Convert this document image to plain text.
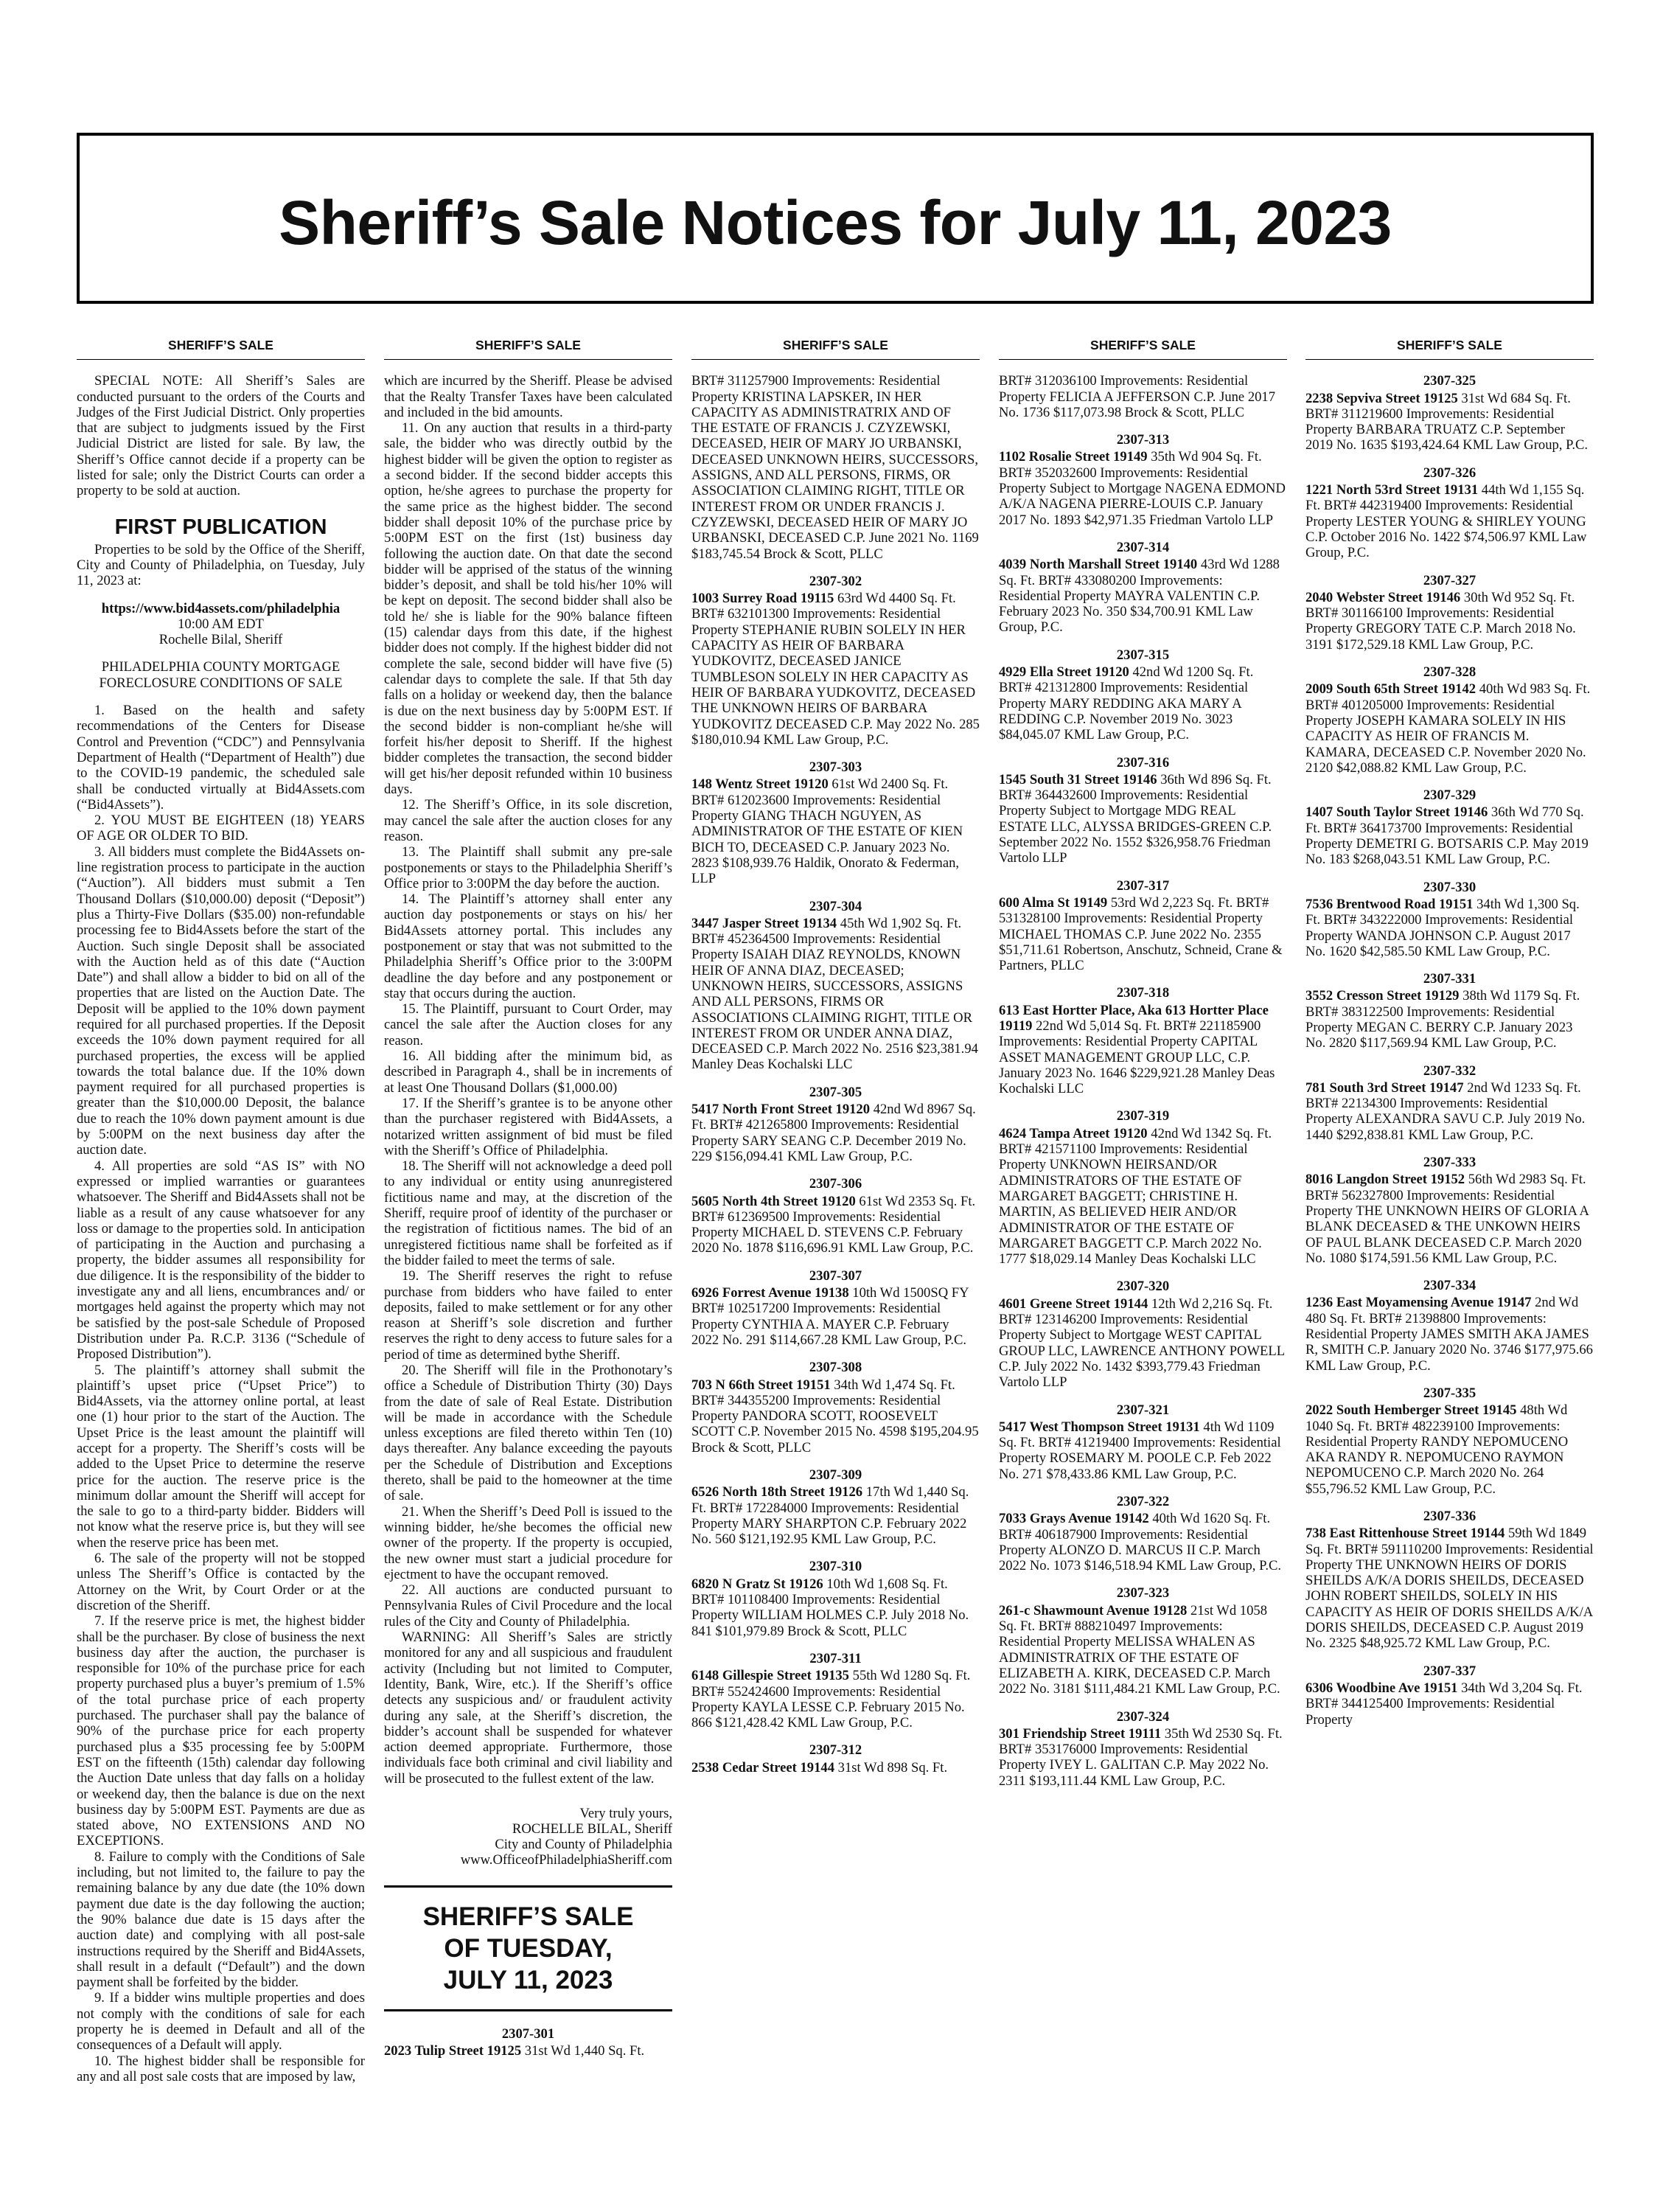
Sheriff’s Sale Notices for July 11, 2023
SHERIFF’S SALE

SPECIAL NOTE: All Sheriff’s Sales are conducted pursuant to the orders of the Courts and Judges of the First Judicial District. Only properties that are subject to judgments issued by the First Judicial District are listed for sale. By law, the Sheriff’s Office cannot decide if a property can be listed for sale; only the District Courts can order a property to be sold at auction.

FIRST PUBLICATION

Properties to be sold by the Office of the Sheriff, City and County of Philadelphia, on Tuesday, July 11, 2023 at:

https://www.bid4assets.com/philadelphia

10:00 AM EDT

Rochelle Bilal, Sheriff

PHILADELPHIA COUNTY MORTGAGE

FORECLOSURE CONDITIONS OF SALE

1. Based on the health and safety recommendations of the Centers for Disease Control and Prevention (“CDC”) and Pennsylvania Department of Health (“Department of Health”) due to the COVID-19 pandemic, the scheduled sale shall be conducted virtually at Bid4Assets.com (“Bid4Assets”).

2. YOU MUST BE EIGHTEEN (18) YEARS OF AGE OR OLDER TO BID.

3. All bidders must complete the Bid4Assets on-line registration process to participate in the auction (“Auction”). All bidders must submit a Ten Thousand Dollars ($10,000.00) deposit (“Deposit”) plus a Thirty-Five Dollars ($35.00) non-refundable processing fee to Bid4Assets before the start of the Auction. Such single Deposit shall be associated with the Auction held as of this date (“Auction Date”) and shall allow a bidder to bid on all of the properties that are listed on the Auction Date. The Deposit will be applied to the 10% down payment required for all purchased properties. If the Deposit exceeds the 10% down payment required for all purchased properties, the excess will be applied towards the total balance due. If the 10% down payment required for all purchased properties is greater than the $10,000.00 Deposit, the balance due to reach the 10% down payment amount is due by 5:00PM on the next business day after the auction date.

4. All properties are sold “AS IS” with NO expressed or implied warranties or guarantees whatsoever. The Sheriff and Bid4Assets shall not be liable as a result of any cause whatsoever for any loss or damage to the properties sold. In anticipation of participating in the Auction and purchasing a property, the bidder assumes all responsibility for due diligence. It is the responsibility of the bidder to investigate any and all liens, encumbrances and/ or mortgages held against the property which may not be satisfied by the post-sale Schedule of Proposed Distribution under Pa. R.C.P. 3136 (“Schedule of Proposed Distribution”).

5. The plaintiff’s attorney shall submit the plaintiff’s upset price (“Upset Price”) to Bid4Assets, via the attorney online portal, at least one (1) hour prior to the start of the Auction. The Upset Price is the least amount the plaintiff will accept for a property. The Sheriff’s costs will be added to the Upset Price to determine the reserve price for the auction. The reserve price is the minimum dollar amount the Sheriff will accept for the sale to go to a third-party bidder. Bidders will not know what the reserve price is, but they will see when the reserve price has been met.

6. The sale of the property will not be stopped unless The Sheriff’s Office is contacted by the Attorney on the Writ, by Court Order or at the discretion of the Sheriff.

7. If the reserve price is met, the highest bidder shall be the purchaser. By close of business the next business day after the auction, the purchaser is responsible for 10% of the purchase price for each property purchased plus a buyer’s premium of 1.5% of the total purchase price of each property purchased. The purchaser shall pay the balance of 90% of the purchase price for each property purchased plus a $35 processing fee by 5:00PM EST on the fifteenth (15th) calendar day following the Auction Date unless that day falls on a holiday or weekend day, then the balance is due on the next business day by 5:00PM EST. Payments are due as stated above, NO EXTENSIONS AND NO EXCEPTIONS.

8. Failure to comply with the Conditions of Sale including, but not limited to, the failure to pay the remaining balance by any due date (the 10% down payment due date is the day following the auction; the 90% balance due date is 15 days after the auction date) and complying with all post-sale instructions required by the Sheriff and Bid4Assets, shall result in a default (“Default”) and the down payment shall be forfeited by the bidder.

9. If a bidder wins multiple properties and does not comply with the conditions of sale for each property he is deemed in Default and all of the consequences of a Default will apply.

10. The highest bidder shall be responsible for any and all post sale costs that are imposed by law,

SHERIFF’S SALE

which are incurred by the Sheriff. Please be advised that the Realty Transfer Taxes have been calculated and included in the bid amounts.

11. On any auction that results in a third-party sale, the bidder who was directly outbid by the highest bidder will be given the option to register as a second bidder. If the second bidder accepts this option, he/she agrees to purchase the property for the same price as the highest bidder. The second bidder shall deposit 10% of the purchase price by 5:00PM EST on the first (1st) business day following the auction date. On that date the second bidder will be apprised of the status of the winning bidder’s deposit, and shall be told his/her 10% will be kept on deposit. The second bidder shall also be told he/ she is liable for the 90% balance fifteen (15) calendar days from this date, if the highest bidder does not comply. If the highest bidder did not complete the sale, second bidder will have five (5) calendar days to complete the sale. If that 5th day falls on a holiday or weekend day, then the balance is due on the next business day by 5:00PM EST. If the second bidder is non-compliant he/she will forfeit his/her deposit to Sheriff. If the highest bidder completes the transaction, the second bidder will get his/her deposit refunded within 10 business days.

12. The Sheriff’s Office, in its sole discretion, may cancel the sale after the auction closes for any reason.

13. The Plaintiff shall submit any pre-sale postponements or stays to the Philadelphia Sheriff’s Office prior to 3:00PM the day before the auction.

14. The Plaintiff’s attorney shall enter any auction day postponements or stays on his/ her Bid4Assets attorney portal. This includes any postponement or stay that was not submitted to the Philadelphia Sheriff’s Office prior to the 3:00PM deadline the day before and any postponement or stay that occurs during the auction.

15. The Plaintiff, pursuant to Court Order, may cancel the sale after the Auction closes for any reason.

16. All bidding after the minimum bid, as described in Paragraph 4., shall be in increments of at least One Thousand Dollars ($1,000.00)

17. If the Sheriff’s grantee is to be anyone other than the purchaser registered with Bid4Assets, a notarized written assignment of bid must be filed with the Sheriff’s Office of Philadelphia.

18. The Sheriff will not acknowledge a deed poll to any individual or entity using anunregistered fictitious name and may, at the discretion of the Sheriff, require proof of identity of the purchaser or the registration of fictitious names. The bid of an unregistered fictitious name shall be forfeited as if the bidder failed to meet the terms of sale.

19. The Sheriff reserves the right to refuse purchase from bidders who have failed to enter deposits, failed to make settlement or for any other reason at Sheriff’s sole discretion and further reserves the right to deny access to future sales for a period of time as determined bythe Sheriff.

20. The Sheriff will file in the Prothonotary’s office a Schedule of Distribution Thirty (30) Days from the date of sale of Real Estate. Distribution will be made in accordance with the Schedule unless exceptions are filed thereto within Ten (10) days thereafter. Any balance exceeding the payouts per the Schedule of Distribution and Exceptions thereto, shall be paid to the homeowner at the time of sale.

21. When the Sheriff’s Deed Poll is issued to the winning bidder, he/she becomes the official new owner of the property. If the property is occupied, the new owner must start a judicial procedure for ejectment to have the occupant removed.

22. All auctions are conducted pursuant to Pennsylvania Rules of Civil Procedure and the local rules of the City and County of Philadelphia.

WARNING: All Sheriff’s Sales are strictly monitored for any and all suspicious and fraudulent activity (Including but not limited to Computer, Identity, Bank, Wire, etc.). If the Sheriff’s office detects any suspicious and/ or fraudulent activity during any sale, at the Sheriff’s discretion, the bidder’s account shall be suspended for whatever action deemed appropriate. Furthermore, those individuals face both criminal and civil liability and will be prosecuted to the fullest extent of the law.

Very truly yours,
ROCHELLE BILAL, Sheriff
City and County of Philadelphia
www.OfficeofPhiladelphiaSheriff.com
SHERIFF’S SALE
OF TUESDAY,
JULY 11, 2023
2307-301

2023 Tulip Street 19125 31st Wd 1,440 Sq. Ft.

SHERIFF’S SALE

BRT# 311257900 Improvements: Residential Property KRISTINA LAPSKER, IN HER CAPACITY AS ADMINISTRATRIX AND OF THE ESTATE OF FRANCIS J. CZYZEWSKI, DECEASED, HEIR OF MARY JO URBANSKI, DECEASED UNKNOWN HEIRS, SUCCESSORS, ASSIGNS, AND ALL PERSONS, FIRMS, OR ASSOCIATION CLAIMING RIGHT, TITLE OR INTEREST FROM OR UNDER FRANCIS J. CZYZEWSKI, DECEASED HEIR OF MARY JO URBANSKI, DECEASED C.P. June 2021 No. 1169 $183,745.54 Brock & Scott, PLLC

2307-302

1003 Surrey Road 19115 63rd Wd 4400 Sq. Ft. BRT# 632101300 Improvements: Residential Property STEPHANIE RUBIN SOLELY IN HER CAPACITY AS HEIR OF BARBARA YUDKOVITZ, DECEASED JANICE TUMBLESON SOLELY IN HER CAPACITY AS HEIR OF BARBARA YUDKOVITZ, DECEASED THE UNKNOWN HEIRS OF BARBARA YUDKOVITZ DECEASED C.P. May 2022 No. 285 $180,010.94 KML Law Group, P.C.

2307-303

148 Wentz Street 19120 61st Wd 2400 Sq. Ft. BRT# 612023600 Improvements: Residential Property GIANG THACH NGUYEN, AS ADMINISTRATOR OF THE ESTATE OF KIEN BICH TO, DECEASED C.P. January 2023 No. 2823 $108,939.76 Haldik, Onorato & Federman, LLP

2307-304

3447 Jasper Street 19134 45th Wd 1,902 Sq. Ft. BRT# 452364500 Improvements: Residential Property ISAIAH DIAZ REYNOLDS, KNOWN HEIR OF ANNA DIAZ, DECEASED; UNKNOWN HEIRS, SUCCESSORS, ASSIGNS AND ALL PERSONS, FIRMS OR ASSOCIATIONS CLAIMING RIGHT, TITLE OR INTEREST FROM OR UNDER ANNA DIAZ, DECEASED C.P. March 2022 No. 2516 $23,381.94 Manley Deas Kochalski LLC

2307-305

5417 North Front Street 19120 42nd Wd 8967 Sq. Ft. BRT# 421265800 Improvements: Residential Property SARY SEANG C.P. December 2019 No. 229 $156,094.41 KML Law Group, P.C.

2307-306

5605 North 4th Street 19120 61st Wd 2353 Sq. Ft. BRT# 612369500 Improvements: Residential Property MICHAEL D. STEVENS C.P. February 2020 No. 1878 $116,696.91 KML Law Group, P.C.

2307-307

6926 Forrest Avenue 19138 10th Wd 1500SQ FY BRT# 102517200 Improvements: Residential Property CYNTHIA A. MAYER C.P. February 2022 No. 291 $114,667.28 KML Law Group, P.C.

2307-308

703 N 66th Street 19151 34th Wd 1,474 Sq. Ft. BRT# 344355200 Improvements: Residential Property PANDORA SCOTT, ROOSEVELT SCOTT C.P. November 2015 No. 4598 $195,204.95 Brock & Scott, PLLC

2307-309

6526 North 18th Street 19126 17th Wd 1,440 Sq. Ft. BRT# 172284000 Improvements: Residential Property MARY SHARPTON C.P. February 2022 No. 560 $121,192.95 KML Law Group, P.C.

2307-310

6820 N Gratz St 19126 10th Wd 1,608 Sq. Ft. BRT# 101108400 Improvements: Residential Property WILLIAM HOLMES C.P. July 2018 No. 841 $101,979.89 Brock & Scott, PLLC

2307-311

6148 Gillespie Street 19135 55th Wd 1280 Sq. Ft. BRT# 552424600 Improvements: Residential Property KAYLA LESSE C.P. February 2015 No. 866 $121,428.42 KML Law Group, P.C.

2307-312

2538 Cedar Street 19144 31st Wd 898 Sq. Ft.

SHERIFF’S SALE

BRT# 312036100 Improvements: Residential Property FELICIA A JEFFERSON C.P. June 2017 No. 1736 $117,073.98 Brock & Scott, PLLC

2307-313

1102 Rosalie Street 19149 35th Wd 904 Sq. Ft. BRT# 352032600 Improvements: Residential Property Subject to Mortgage NAGENA EDMOND A/K/A NAGENA PIERRE-LOUIS C.P. January 2017 No. 1893 $42,971.35 Friedman Vartolo LLP

2307-314

4039 North Marshall Street 19140 43rd Wd 1288 Sq. Ft. BRT# 433080200 Improvements: Residential Property MAYRA VALENTIN C.P. February 2023 No. 350 $34,700.91 KML Law Group, P.C.

2307-315

4929 Ella Street 19120 42nd Wd 1200 Sq. Ft. BRT# 421312800 Improvements: Residential Property MARY REDDING AKA MARY A REDDING C.P. November 2019 No. 3023 $84,045.07 KML Law Group, P.C.

2307-316

1545 South 31 Street 19146 36th Wd 896 Sq. Ft. BRT# 364432600 Improvements: Residential Property Subject to Mortgage MDG REAL ESTATE LLC, ALYSSA BRIDGES-GREEN C.P. September 2022 No. 1552 $326,958.76 Friedman Vartolo LLP

2307-317

600 Alma St 19149 53rd Wd 2,223 Sq. Ft. BRT# 531328100 Improvements: Residential Property MICHAEL THOMAS C.P. June 2022 No. 2355 $51,711.61 Robertson, Anschutz, Schneid, Crane & Partners, PLLC

2307-318

613 East Hortter Place, Aka 613 Hortter Place 19119 22nd Wd 5,014 Sq. Ft. BRT# 221185900 Improvements: Residential Property CAPITAL ASSET MANAGEMENT GROUP LLC, C.P. January 2023 No. 1646 $229,921.28 Manley Deas Kochalski LLC

2307-319

4624 Tampa Atreet 19120 42nd Wd 1342 Sq. Ft. BRT# 421571100 Improvements: Residential Property UNKNOWN HEIRSAND/OR ADMINISTRATORS OF THE ESTATE OF MARGARET BAGGETT; CHRISTINE H. MARTIN, AS BELIEVED HEIR AND/OR ADMINISTRATOR OF THE ESTATE OF MARGARET BAGGETT C.P. March 2022 No. 1777 $18,029.14 Manley Deas Kochalski LLC

2307-320

4601 Greene Street 19144 12th Wd 2,216 Sq. Ft. BRT# 123146200 Improvements: Residential Property Subject to Mortgage WEST CAPITAL GROUP LLC, LAWRENCE ANTHONY POWELL C.P. July 2022 No. 1432 $393,779.43 Friedman Vartolo LLP

2307-321

5417 West Thompson Street 19131 4th Wd 1109 Sq. Ft. BRT# 41219400 Improvements: Residential Property ROSEMARY M. POOLE C.P. Feb 2022 No. 271 $78,433.86 KML Law Group, P.C.

2307-322

7033 Grays Avenue 19142 40th Wd 1620 Sq. Ft. BRT# 406187900 Improvements: Residential Property ALONZO D. MARCUS II C.P. March 2022 No. 1073 $146,518.94 KML Law Group, P.C.

2307-323

261-c Shawmount Avenue 19128 21st Wd 1058 Sq. Ft. BRT# 888210497 Improvements: Residential Property MELISSA WHALEN AS ADMINISTRATRIX OF THE ESTATE OF ELIZABETH A. KIRK, DECEASED C.P. March 2022 No. 3181 $111,484.21 KML Law Group, P.C.

2307-324

301 Friendship Street 19111 35th Wd 2530 Sq. Ft. BRT# 353176000 Improvements: Residential Property IVEY L. GALITAN C.P. May 2022 No. 2311 $193,111.44 KML Law Group, P.C.

SHERIFF’S SALE
2307-325

2238 Sepviva Street 19125 31st Wd 684 Sq. Ft. BRT# 311219600 Improvements: Residential Property BARBARA TRUATZ C.P. September 2019 No. 1635 $193,424.64 KML Law Group, P.C.

2307-326

1221 North 53rd Street 19131 44th Wd 1,155 Sq. Ft. BRT# 442319400 Improvements: Residential Property LESTER YOUNG & SHIRLEY YOUNG C.P. October 2016 No. 1422 $74,506.97 KML Law Group, P.C.

2307-327

2040 Webster Street 19146 30th Wd 952 Sq. Ft. BRT# 301166100 Improvements: Residential Property GREGORY TATE C.P. March 2018 No. 3191 $172,529.18 KML Law Group, P.C.

2307-328

2009 South 65th Street 19142 40th Wd 983 Sq. Ft. BRT# 401205000 Improvements: Residential Property JOSEPH KAMARA SOLELY IN HIS CAPACITY AS HEIR OF FRANCIS M. KAMARA, DECEASED C.P. November 2020 No. 2120 $42,088.82 KML Law Group, P.C.

2307-329

1407 South Taylor Street 19146 36th Wd 770 Sq. Ft. BRT# 364173700 Improvements: Residential Property DEMETRI G. BOTSARIS C.P. May 2019 No. 183 $268,043.51 KML Law Group, P.C.

2307-330

7536 Brentwood Road 19151 34th Wd 1,300 Sq. Ft. BRT# 343222000 Improvements: Residential Property WANDA JOHNSON C.P. August 2017 No. 1620 $42,585.50 KML Law Group, P.C.

2307-331

3552 Cresson Street 19129 38th Wd 1179 Sq. Ft. BRT# 383122500 Improvements: Residential Property MEGAN C. BERRY C.P. January 2023 No. 2820 $117,569.94 KML Law Group, P.C.

2307-332

781 South 3rd Street 19147 2nd Wd 1233 Sq. Ft. BRT# 22134300 Improvements: Residential Property ALEXANDRA SAVU C.P. July 2019 No. 1440 $292,838.81 KML Law Group, P.C.

2307-333

8016 Langdon Street 19152 56th Wd 2983 Sq. Ft. BRT# 562327800 Improvements: Residential Property THE UNKNOWN HEIRS OF GLORIA A BLANK DECEASED & THE UNKOWN HEIRS OF PAUL BLANK DECEASED C.P. March 2020 No. 1080 $174,591.56 KML Law Group, P.C.

2307-334

1236 East Moyamensing Avenue 19147 2nd Wd 480 Sq. Ft. BRT# 21398800 Improvements: Residential Property JAMES SMITH AKA JAMES R, SMITH C.P. January 2020 No. 3746 $177,975.66 KML Law Group, P.C.

2307-335

2022 South Hemberger Street 19145 48th Wd 1040 Sq. Ft. BRT# 482239100 Improvements: Residential Property RANDY NEPOMUCENO AKA RANDY R. NEPOMUCENO RAYMON NEPOMUCENO C.P. March 2020 No. 264 $55,796.52 KML Law Group, P.C.

2307-336

738 East Rittenhouse Street 19144 59th Wd 1849 Sq. Ft. BRT# 591110200 Improvements: Residential Property THE UNKNOWN HEIRS OF DORIS SHEILDS A/K/A DORIS SHEILDS, DECEASED JOHN ROBERT SHEILDS, SOLELY IN HIS CAPACITY AS HEIR OF DORIS SHEILDS A/K/A DORIS SHEILDS, DECEASED C.P. August 2019 No. 2325 $48,925.72 KML Law Group, P.C.

2307-337

6306 Woodbine Ave 19151 34th Wd 3,204 Sq. Ft. BRT# 344125400 Improvements: Residential Property
